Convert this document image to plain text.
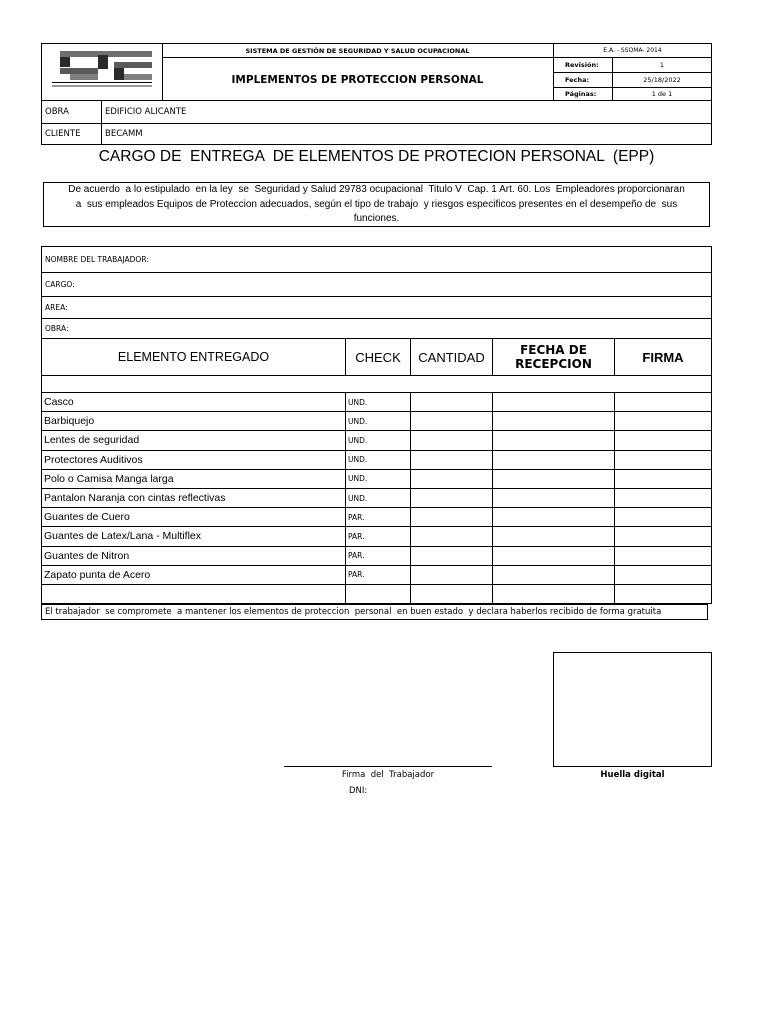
SISTEMA DE GESTIÓN DE SEGURIDAD Y SALUD OCUPACIONAL	E.A. - SSOMA- 2014
IMPLEMENTOS DE PROTECCION PERSONAL
Revisión:	1
Fecha:	25/18/2022
Páginas:	1 de 1
OBRA	EDIFICIO ALICANTE
CLIENTE	BECAMM
CARGO DE  ENTREGA  DE ELEMENTOS DE PROTECION PERSONAL  (EPP)
De acuerdo  a lo estipulado  en la ley  se  Seguridad y Salud 29783 ocupacional  Titulo V  Cap. 1 Art. 60. Los  Empleadores proporcionaran
a  sus empleados Equipos de Proteccion adecuados, según el tipo de trabajo  y riesgos especificos presentes en el desempeño de  sus
funciones.
NOMBRE DEL TRABAJADOR:
CARGO:
AREA:
OBRA:
ELEMENTO ENTREGADO	CHECK	CANTIDAD	FECHA DE
RECEPCION	FIRMA
Casco	UND.
Barbiquejo	UND.
Lentes de seguridad	UND.
Protectores Auditivos	UND.
Polo o Camisa Manga larga	UND.
Pantalon Naranja con cintas reflectivas	UND.
Guantes de Cuero	PAR.
Guantes de Latex/Lana - Multiflex	PAR.
Guantes de Nitron	PAR.
Zapato punta de Acero	PAR.
El trabajador  se compromete  a mantener los elementos de proteccion  personal  en buen estado  y declara haberlos recibido de forma gratuita
Firma  del  Trabajador
DNI:
Huella digital
